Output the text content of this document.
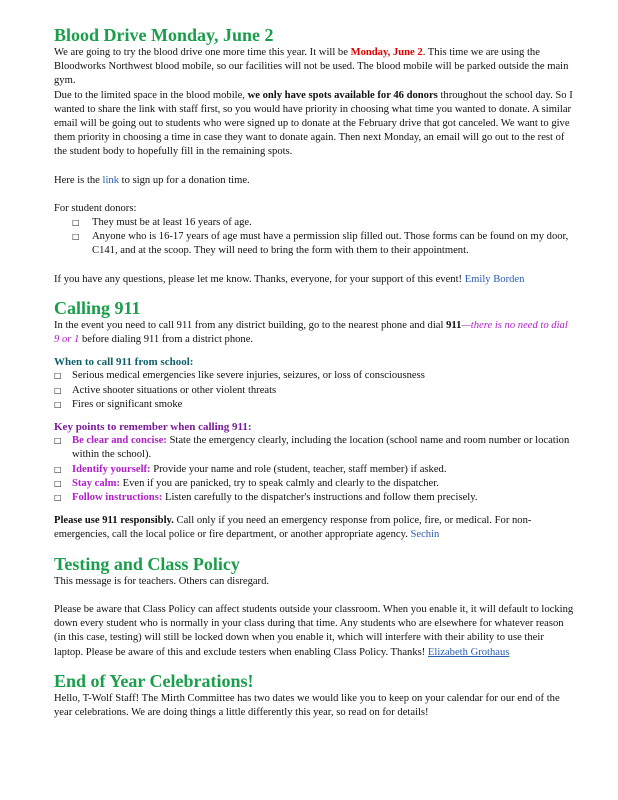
Blood Drive Monday, June 2

We are going to try the blood drive one more time this year. It will be Monday, June 2. This time we are using the Bloodworks Northwest blood mobile, so our facilities will not be used. The blood mobile will be parked outside the main gym.

Due to the limited space in the blood mobile, we only have spots available for 46 donors throughout the school day. So I wanted to share the link with staff first, so you would have priority in choosing what time you wanted to donate. A similar email will be going out to students who were signed up to donate at the February drive that got canceled. We want to give them priority in choosing a time in case they want to donate again. Then next Monday, an email will go out to the rest of the student body to hopefully fill in the remaining spots.

Here is the link to sign up for a donation time.

For student donors:

□ They must be at least 16 years of age.
□ Anyone who is 16-17 years of age must have a permission slip filled out. Those forms can be found on my door, C141, and at the scoop. They will need to bring the form with them to their appointment.

If you have any questions, please let me know. Thanks, everyone, for your support of this event! Emily Borden

Calling 911

In the event you need to call 911 from any district building, go to the nearest phone and dial 911—there is no need to dial 9 or 1 before dialing 911 from a district phone.

When to call 911 from school:
□ Serious medical emergencies like severe injuries, seizures, or loss of consciousness
□ Active shooter situations or other violent threats
□ Fires or significant smoke
Key points to remember when calling 911:
□ Be clear and concise: State the emergency clearly, including the location (school name and room number or location within the school).
□ Identify yourself: Provide your name and role (student, teacher, staff member) if asked.
□ Stay calm: Even if you are panicked, try to speak calmly and clearly to the dispatcher.
□ Follow instructions: Listen carefully to the dispatcher's instructions and follow them precisely.

Please use 911 responsibly. Call only if you need an emergency response from police, fire, or medical. For non-emergencies, call the local police or fire department, or another appropriate agency. Sechin

Testing and Class Policy

This message is for teachers. Others can disregard.

Please be aware that Class Policy can affect students outside your classroom. When you enable it, it will default to locking down every student who is normally in your class during that time. Any students who are elsewhere for whatever reason (in this case, testing) will still be locked down when you enable it, which will interfere with their ability to use their laptop. Please be aware of this and exclude testers when enabling Class Policy. Thanks! Elizabeth Grothaus

End of Year Celebrations!

Hello, T-Wolf Staff! The Mirth Committee has two dates we would like you to keep on your calendar for our end of the year celebrations. We are doing things a little differently this year, so read on for details!
